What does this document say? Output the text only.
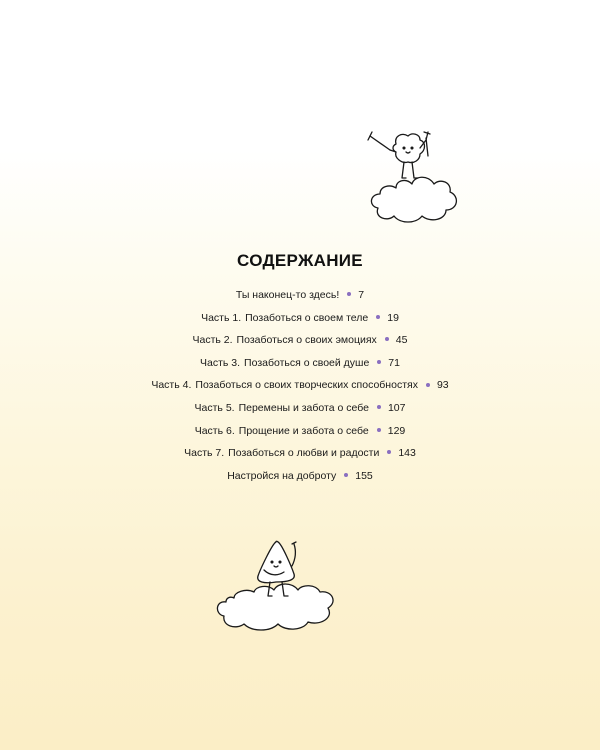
СОДЕРЖАНИЕ
Ты наконец-то здесь! 7
Часть 1. Позаботься о своем теле 19
Часть 2. Позаботься о своих эмоциях 45
Часть 3. Позаботься о своей душе 71
Часть 4. Позаботься о своих творческих способностях 93
Часть 5. Перемены и забота о себе 107
Часть 6. Прощение и забота о себе 129
Часть 7. Позаботься о любви и радости 143
Настройся на доброту 155
